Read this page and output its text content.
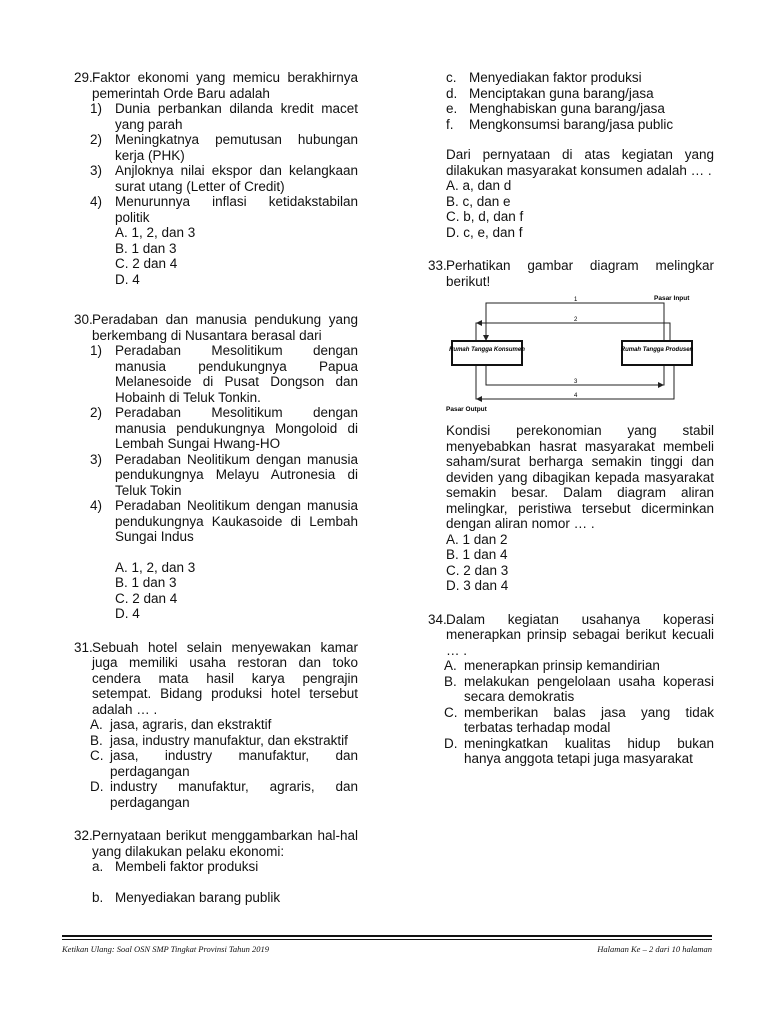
29. Faktor ekonomi yang memicu berakhirnya pemerintah Orde Baru adalah
1) Dunia perbankan dilanda kredit macet yang parah
2) Meningkatnya pemutusan hubungan kerja (PHK)
3) Anjloknya nilai ekspor dan kelangkaan surat utang (Letter of Credit)
4) Menurunnya inflasi ketidakstabilan politik
A. 1, 2, dan 3
B. 1 dan 3
C. 2 dan 4
D. 4
30. Peradaban dan manusia pendukung yang berkembang di Nusantara berasal dari
1) Peradaban Mesolitikum dengan manusia pendukungnya Papua Melanesoide di Pusat Dongson dan Hobainh di Teluk Tonkin.
2) Peradaban Mesolitikum dengan manusia pendukungnya Mongoloid di Lembah Sungai Hwang-HO
3) Peradaban Neolitikum dengan manusia pendukungnya Melayu Autronesia di Teluk Tokin
4) Peradaban Neolitikum dengan manusia pendukungnya Kaukasoide di Lembah Sungai Indus
A. 1, 2, dan 3
B. 1 dan 3
C. 2 dan 4
D. 4
31. Sebuah hotel selain menyewakan kamar juga memiliki usaha restoran dan toko cendera mata hasil karya pengrajin setempat. Bidang produksi hotel tersebut adalah … .
A. jasa, agraris, dan ekstraktif
B. jasa, industry manufaktur, dan ekstraktif
C. jasa, industry manufaktur, dan perdagangan
D. industry manufaktur, agraris, dan perdagangan
32. Pernyataan berikut menggambarkan hal-hal yang dilakukan pelaku ekonomi:
a. Membeli faktor produksi
b. Menyediakan barang publik
c. Menyediakan faktor produksi
d. Menciptakan guna barang/jasa
e. Menghabiskan guna barang/jasa
f. Mengkonsumsi barang/jasa public
Dari pernyataan di atas kegiatan yang dilakukan masyarakat konsumen adalah … .
A. a, dan d
B. c, dan e
C. b, d, dan f
D. c, e, dan f
33. Perhatikan gambar diagram melingkar berikut!
Rumah Tangga Konsumen	Rumah Tangga Produsen
Pasar Input
Pasar Output
1
2
3
4
Kondisi perekonomian yang stabil menyebabkan hasrat masyarakat membeli saham/surat berharga semakin tinggi dan deviden yang dibagikan kepada masyarakat semakin besar. Dalam diagram aliran melingkar, peristiwa tersebut dicerminkan dengan aliran nomor … .
A. 1 dan 2
B. 1 dan 4
C. 2 dan 3
D. 3 dan 4
34. Dalam kegiatan usahanya koperasi menerapkan prinsip sebagai berikut kecuali … .
A. menerapkan prinsip kemandirian
B. melakukan pengelolaan usaha koperasi secara demokratis
C. memberikan balas jasa yang tidak terbatas terhadap modal
D. meningkatkan kualitas hidup bukan hanya anggota tetapi juga masyarakat
Ketikan Ulang: Soal OSN SMP Tingkat Provinsi Tahun 2019	Halaman Ke – 2 dari 10 halaman
